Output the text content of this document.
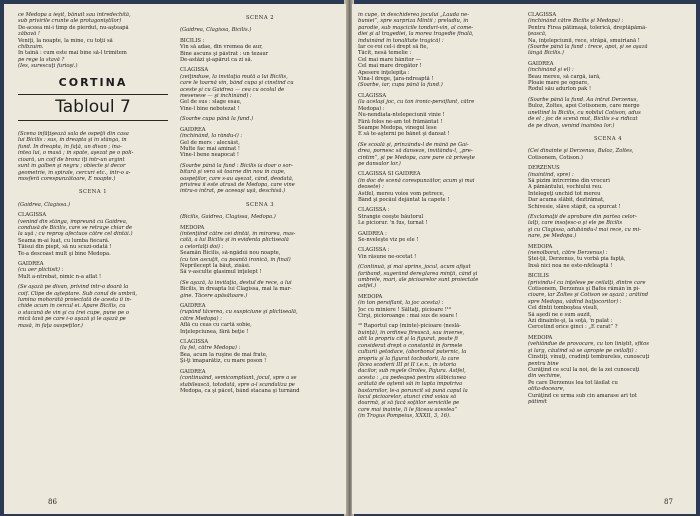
ce Medopa a ieşit, bănuit sau întredechită,
sub privirile crunte ale protagoniştilor)
De-aceea mi-i timp de pierdut, nu-aşteapă
zăbavă !
Veniţi, la noapte, la mine, cu toţii să
chibzuim.
În taină : cum este mai bine să-l trimitem
pe rege la stavă ?
(Ies, surescuţi furioşi.)
CORTINA
Tabloul 7
(Scena înfăţişează sala de ospeţii din casa
lui Bicilis : sus, în dreapta şi în stânga, în
fund. În dreapta, în faţă, un divan ; îna-
intea lui, o masă ; în spate, aşezat pe o poli-
cioară, un coif de bronz iţi într-un argint
sunt în galben şi negru ; obiecte şi decor
geometrie, în spirale, cercuri etc., într-o a-
mosferă corespunzătoare, E noapte.)
SCENA 1
(Gaidrea, Clagissa.)
CLAGISSA
(venind din stânga, împreună cu Gaidrea,
condusă de Bicilis, care se retrage chiar de
la uşă ; cu reproş afectuos către cel dintâi.)
Seama m-ai luat, cu lumba fiecară.
Tăisui din piept, să nu scuzi-odată !
Te-a descoast mult şi bine Medopa.
GAIDREA
(cu aer plictisit) :
Mult a-ntrebat, nimic n-a aflat !
(Se aşază pe divan, privind într-o doară la
coif. Clipe de aşteptare. Sub conul de umbră,
lumina mohorâtă proiectată de acesta îi în-
chide acum în cercul ei. Apare Bicilis, cu
o stacană de vin şi cu trei cupe, pune pe o
mică tavă pe care i-o aşază şi le aşază pe
masă, în faţa oaspeţilor.)
SCENA 2
(Gaidrea, Clagissa, Bicilis.)
BICILIS :
Vin să adae, din vremea de aur,
Bine ascuns şi păstrat : un tezaur
De-astăzi şi-apărut ca zi să.
CLAGISSA
(zeiţinduse, la invitaţia mută a lui Bicilis,
care le toarnă vin, bând cupa şi cinstind cu
aceste şi cu Gaidrea — cea cu ocolul de
mesenese — şi închinând) :
Gel de sus : slage esau,
Vine-l bine nebotezat !
(Soarbe cupa până la fund.)
GAIDREA
(închinând, la rându-i) :
Gel de mers : alecxăst,
Multe fac mai aminat !
Vine-l bene neapocat !
(Soarbe până la fund : Bicilis ia doar o sor-
bitură şi vera să toarne din nou în cupe,
oaspeţilor, care s-au aşezat, când, deodată,
privirea îi este atrasă de Medopa, care vine
intra-o intrat, pe aceeaşi uşă, deschisă.)
SCENA 3
(Bicilis, Gaidrea, Clagissa, Medopa.)
MEDOPA
(intenţiind către cei dintâi, în mirarea, mas-
cată, a lui Bicilis şi în evidenta plictiseală
a celorlalţi doi) :
Seamăn Bicilis, să-ngădui nou noapte,
(cu ton ascuţit, cu poantă ironică, în final)
Neprilecept la băut, zisăsi.
Să v-asculte glasimul înţelept !
(Se aşază, la invitaţia, destul de rece, a lui
Bicilis, în dreapta lui Clagissa, mai la mar-
gine. Tăcere apăsătoare.)
GAIDREA
(rupând tăcerea, cu suspiciune şi plictiseală,
către Medopa) :
Află cu ceas cu cartă sobie,
Înţelepciunea, fără beţie !
CLAGISSA
(la fel, către Medopa) :
Bea, acum la ruşine de mai frate,
Şi-ţi îmaparătiz, cu mare poson !
GAIDREA
(continuând, semicomptiant, jocul, spre a se
stabilească, totodată, spre a-l scandaliza pe
Medopa, ca şi păcet, bând stacana şi turnând
86
în cupe, în deschiderea jocului „Lauda ne-
buniei”, spre surpriza Mintii ; preludiu, în
parodie, sub maşcicile tonduri-vin, al come-
diei şi al tragediei, la morea tragedie finală,
înduinând în tonalitate tragică) :
Iar ce-roi cel-i drept să fie,
Tăcit, nesă temelie :
Cel mai mare bănitor —
Cel mai mare drogător !
Apesere înţelepiţa :
Vina-l drege, ţara-ndreaptă !
(Soarbe, iar, cupa până la fund.)
CLAGISSA
(la acelaşi joc, cu ton ironic-persiflant, către
Medopa) :
Nu-nendiata-ntelepeciunii vinie !
Fără folos ne-am tot frământat !
Seampe Medopa, vinegul lese
E să te-aşterni pe bănet şi dansat !
(Se scoală şi, prinzându-l de mână pe Gai-
drea, pornesc să danseze, invitându-l, „pre-
cintim”, şi pe Medopa, care pare că priveşte
pe dansalor lor.)
CLAGISSA SI GAIDREA
(în doc de scenă corespunzător, acum şi mai
deosete) :
Astfel, mereu voios vom petrece,
Bând şi pocăul dejântat la capete !
CLAGISSA :
Strangie ceeşte băutorul
Le piciorur. 'n fus, turnat !
GAIDREA :
Se-nveleşte viz pe ele !
CLAGISSA :
Vin răsune ne-ocetat !
(Continuă, şi mai aprins, jocul, acum afişat
fariband, sugerând dereglarea minţii, când şi
umbrele, mari, ale picioarelor sunt proiectate
astfel.)
MEDOPA
(în ton persiflant, la joc acesta) :
Joc cu miniere ! Săltaţi, picioare !¹⁰
Cirşi, picioroange : mai sus de soare !
¹⁰ Raportul cap (minte)-picioare (neslă-
buinţă), în ordinea firească, sau inverse,
atit la propriu cît şi la figurat, poate fi
considerat drept o constantă în formele
culturii getodace, (aborbonal paternic, la
propriu şi la figurat tocbodarii, la care
făcea scoderii III pi II î.e.n., în istoria
dacilor, sub regele Oroles, Pajura. Astfel,
acesta : „ca pedeapsă pentru slăbiciunea
arătată de oştenii săi în lupta împotriva
bastarnilor, le-a poruncit să pună capul la
locul picioarelor, atunci cînd voiau să
doarmă, şi să facă soţiilor serviciile pe
care mai înainte, li le făceau acestea”
(în Trogus Pompeius, XXXII, 3, 16).
CLAGISSA
(închinând către Bicilis şi Medopa) :
Pentru Firea pătimaşă, tolerică, dreptăpămâ-
ţească,
Na, înţelepciunii, rece, străpă, smuiriană !
(Soarbe până la fund : trece, apoi, şi se aşază
lângă Bicilis.)
GAIDREA
(închinând şi el) :
Beau mereu, să cargă, iară,
Ploaie mare pe ogoare,
Rodul său adurlon pak !
(Soarbe până la fund. Au intrat Derzenus,
Buloz, Zoltes, apoi Cotisonem, care merge
uneltind lu Bicilis, cu nobilul Cotison, adus
de el ; joc de scenă mut, Bicilis s-a ridicat
de pe divan, venind înaintea lor.)
SCENA 4
(Cei dinainte şi Derzenus, Buloz, Zoltes,
Cotisonem, Cotison.)
DERZENUS
(înaintind, spre) :
Să pizim întrcrrime din vrocuri
A pământului, vochiului reu.
Întelegeţi unchid tot mereu
Dar acuma slăbit, deztrămat,
Schivesie, slăve stâpit, ca spurcat !
(Exclamaţii de aprobare din partea celor-
lalţi, care însoţesc-o şi ele pe Bicilis
şi cu Clagissa, adubându-l mai rece, cu mi-
nare, pe Medopa.)
MEDOPA
(nenolborat, către Derzenus) :
Ştei-ţii, Derzenus, tu vorbă pia fapţă,
Însă nici noa ne este-nfeleaptă !
BICILIS
(privindu-l cu înţelese pe ceilalţi, dintre care
Cotisonem, Derzenus şi Bafos rămân în pi-
cioare, iar Zoltes şi Cotison se aşază ; arătînd
spre Medopa, vădind batjocoritor) :
Cel dintîi tomboştea visuli,
Să aşedi ne e sum auzit,
Azi dinainte-şi, la soţă, 'n palat :
Cercetind orice ginci : „E curat” ?
MEDOPA
(vehiăndue de provocare, cu ton liniştit, sfitos
şi larg, căutînd să se apropie pe ceilalţi) :
Cinstiţi, vinuţi, cradinţi tembureles, cunoscuţi
pentru bine
Curăţind ce scul la noi, de la zei cunoscuţi
din vechime,
Pe care Derzenus lea tot lăsilat cu
atita-doceare,
Curăţind ce urma sub cin amarase ari tot
pătimit
87
